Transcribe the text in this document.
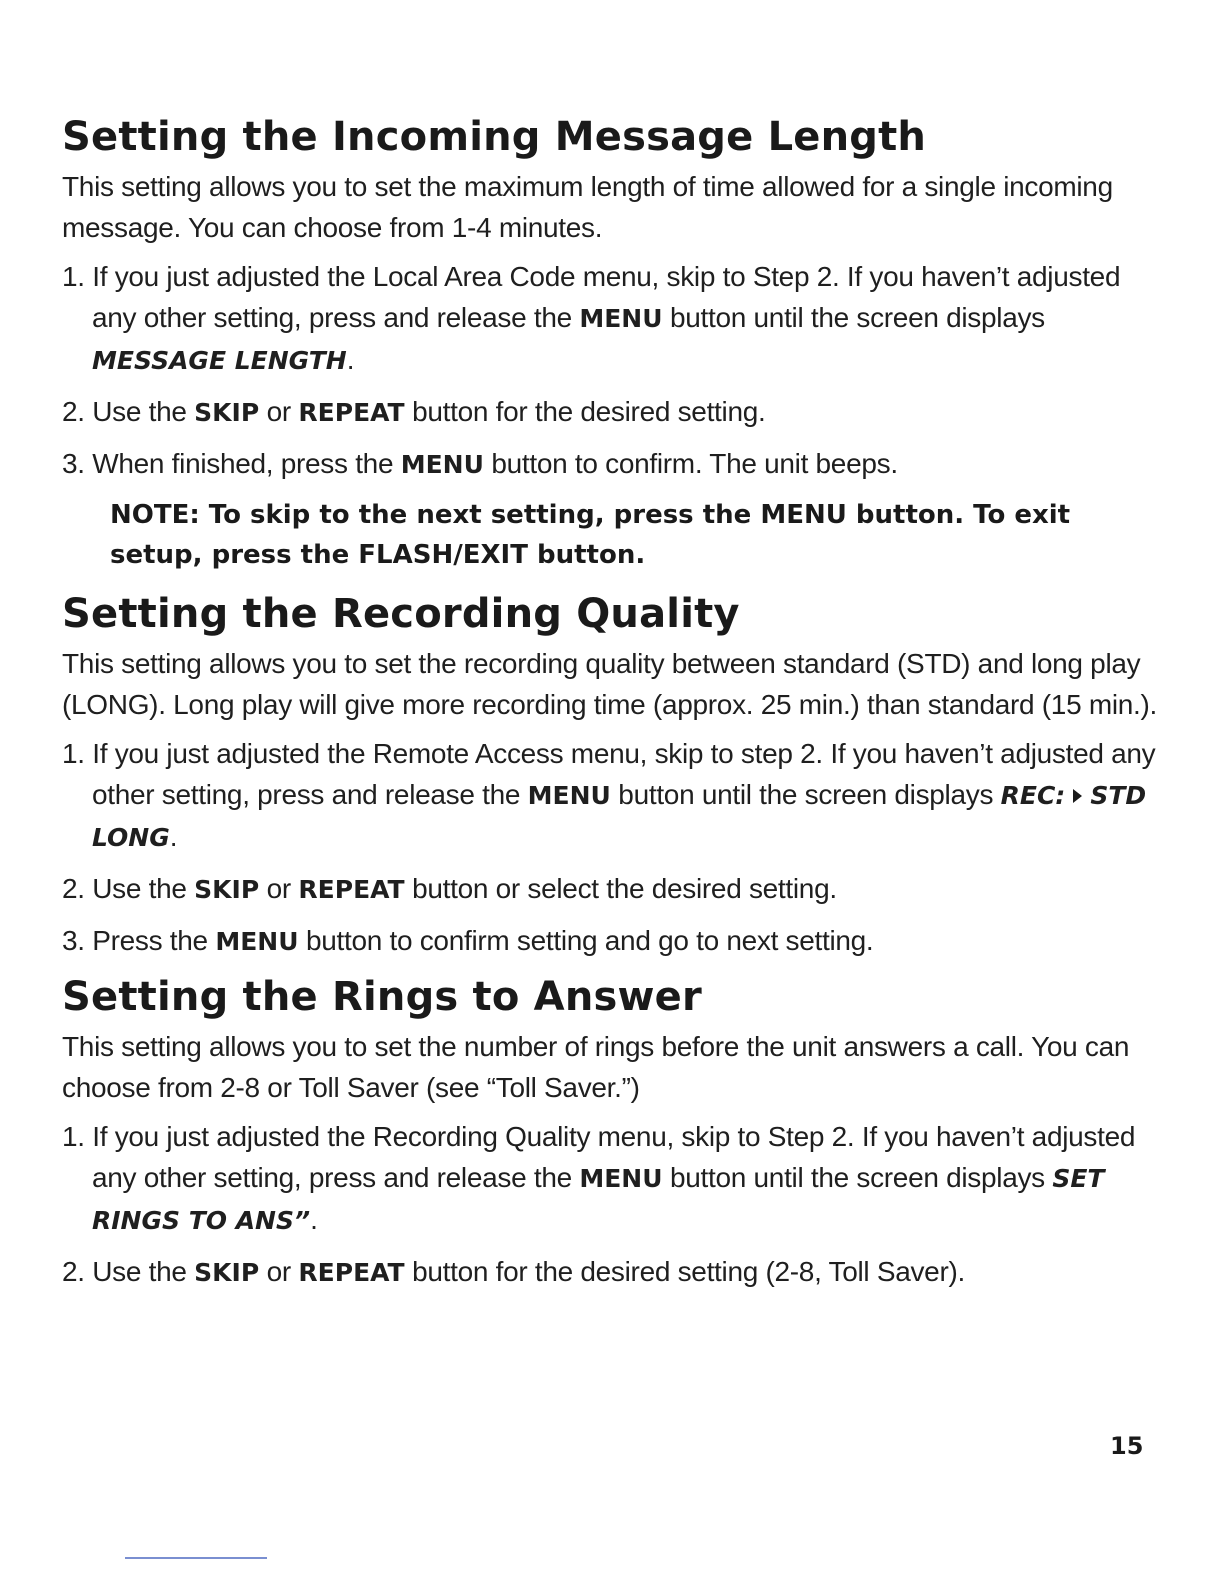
Setting the Incoming Message Length

This setting allows you to set the maximum length of time allowed for a single incoming message. You can choose from 1-4 minutes.

1. If you just adjusted the Local Area Code menu, skip to Step 2. If you haven’t adjusted any other setting, press and release the MENU button until the screen displays MESSAGE LENGTH.
2. Use the SKIP or REPEAT button for the desired setting.
3. When finished, press the MENU button to confirm. The unit beeps.
NOTE: To skip to the next setting, press the MENU button. To exit setup, press the FLASH/EXIT button.
Setting the Recording Quality

This setting allows you to set the recording quality between standard (STD) and long play (LONG). Long play will give more recording time (approx. 25 min.) than standard (15 min.).

1. If you just adjusted the Remote Access menu, skip to step 2. If you haven’t adjusted any other setting, press and release the MENU button until the screen displays REC: STD LONG.
2. Use the SKIP or REPEAT button or select the desired setting.
3. Press the MENU button to confirm setting and go to next setting.
Setting the Rings to Answer

This setting allows you to set the number of rings before the unit answers a call. You can choose from 2-8 or Toll Saver (see “Toll Saver.”)

1. If you just adjusted the Recording Quality menu, skip to Step 2. If you haven’t adjusted any other setting, press and release the MENU button until the screen displays SET RINGS TO ANS”.
2. Use the SKIP or REPEAT button for the desired setting (2-8, Toll Saver).
15
